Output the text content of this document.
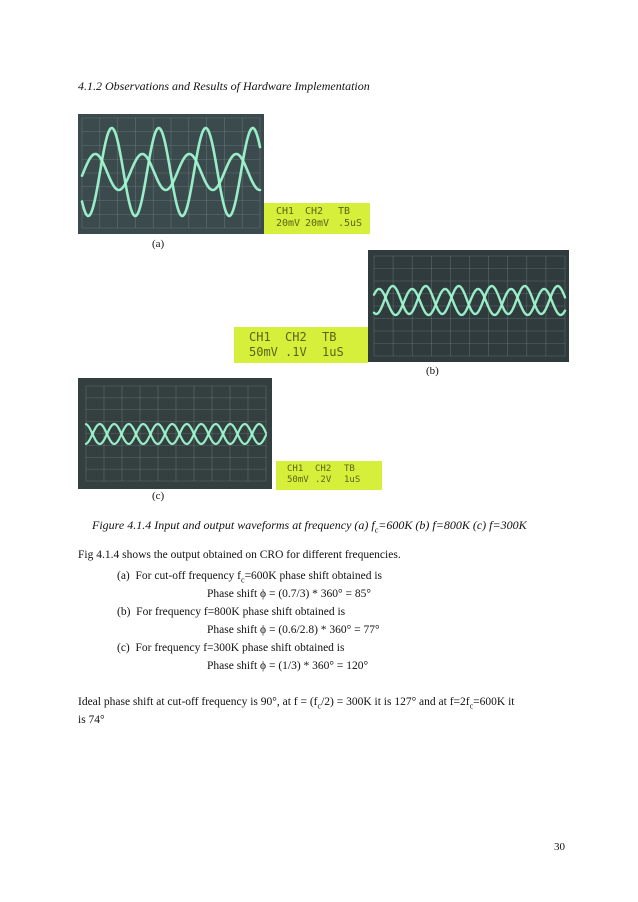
4.1.2 Observations and Results of Hardware Implementation
CH1	CH2	TB
20mV 20mV .5uS
(a)
CH1	CH2	TB
50mV .1V	1uS
(b)
CH1	CH2	TB
50mV .2V	1uS
(c)
Figure 4.1.4 Input and output waveforms at frequency (a) $f_c=600K$ (b) f=800K (c) f=300K
Fig 4.1.4 shows the output obtained on CRO for different frequencies.
(a) For cut-off frequency $f_c=600K$ phase shift obtained is
Phase shift ϕ = (0.7/3) * 360° = 85°
(b) For frequency f=800K phase shift obtained is
Phase shift ϕ = (0.6/2.8) * 360° = 77°
(c) For frequency f=300K phase shift obtained is
Phase shift ϕ = (1/3) * 360° = 120°
Ideal phase shift at cut-off frequency is 90°, at $f = (f_c/2) = 300K$ it is 127° and at $f=2f_c=600K$ it
is 74°
30
